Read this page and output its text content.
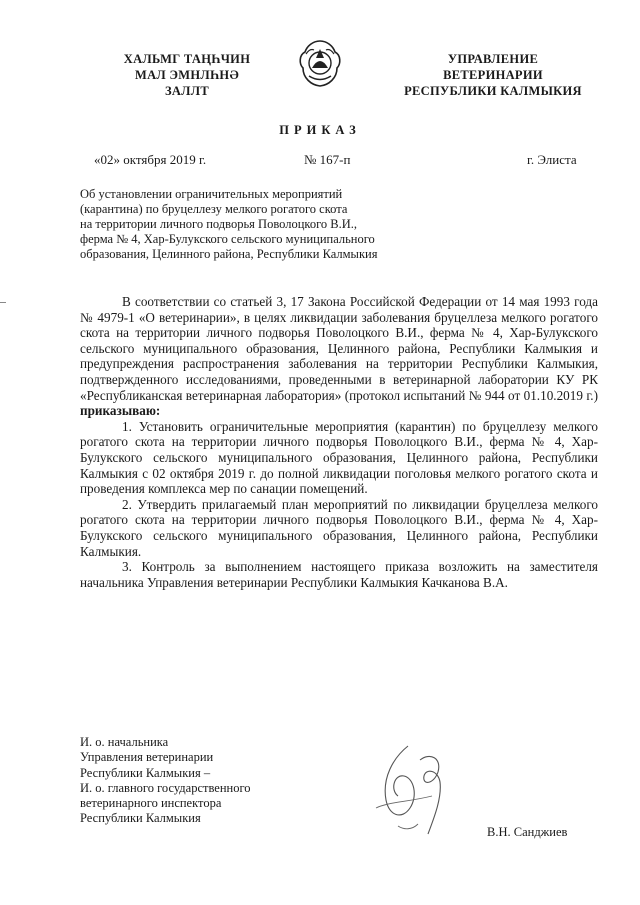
ХАЛЬМГ ТАҢҺЧИН
МАЛ ЭМНЛҺНӘ
ЗАЛЛТ
УПРАВЛЕНИЕ
ВЕТЕРИНАРИИ
РЕСПУБЛИКИ КАЛМЫКИЯ
ПРИКАЗ
«02» октября 2019 г.	№ 167-п	г. Элиста
Об установлении ограничительных мероприятий
(карантина) по бруцеллезу мелкого рогатого скота
на территории личного подворья Поволоцкого В.И.,
ферма № 4, Хар-Булукского сельского муниципального
образования, Целинного района, Республики Калмыкия

В соответствии со статьей 3, 17 Закона Российской Федерации от 14 мая 1993 года № 4979-1 «О ветеринарии», в целях ликвидации заболевания бруцеллеза мелкого рогатого скота на территории личного подворья Поволоцкого В.И., ферма № 4, Хар-Булукского сельского муниципального образования, Целинного района, Республики Калмыкия и предупреждения распространения заболевания на территории Республики Калмыкия, подтвержденного исследованиями, проведенными в ветеринарной лаборатории КУ РК «Республиканская ветеринарная лаборатория» (протокол испытаний № 944 от 01.10.2019 г.) приказываю:

1. Установить ограничительные мероприятия (карантин) по бруцеллезу мелкого рогатого скота на территории личного подворья Поволоцкого В.И., ферма № 4, Хар-Булукского сельского муниципального образования, Целинного района, Республики Калмыкия с 02 октября 2019 г. до полной ликвидации поголовья мелкого рогатого скота и проведения комплекса мер по санации помещений.

2. Утвердить прилагаемый план мероприятий по ликвидации бруцеллеза мелкого рогатого скота на территории личного подворья Поволоцкого В.И., ферма № 4, Хар-Булукского сельского муниципального образования, Целинного района, Республики Калмыкия.

3. Контроль за выполнением настоящего приказа возложить на заместителя начальника Управления ветеринарии Республики Калмыкия Качканова В.А.

И. о. начальника
Управления ветеринарии
Республики Калмыкия –
И. о. главного государственного
ветеринарного инспектора
Республики Калмыкия
В.Н. Санджиев
